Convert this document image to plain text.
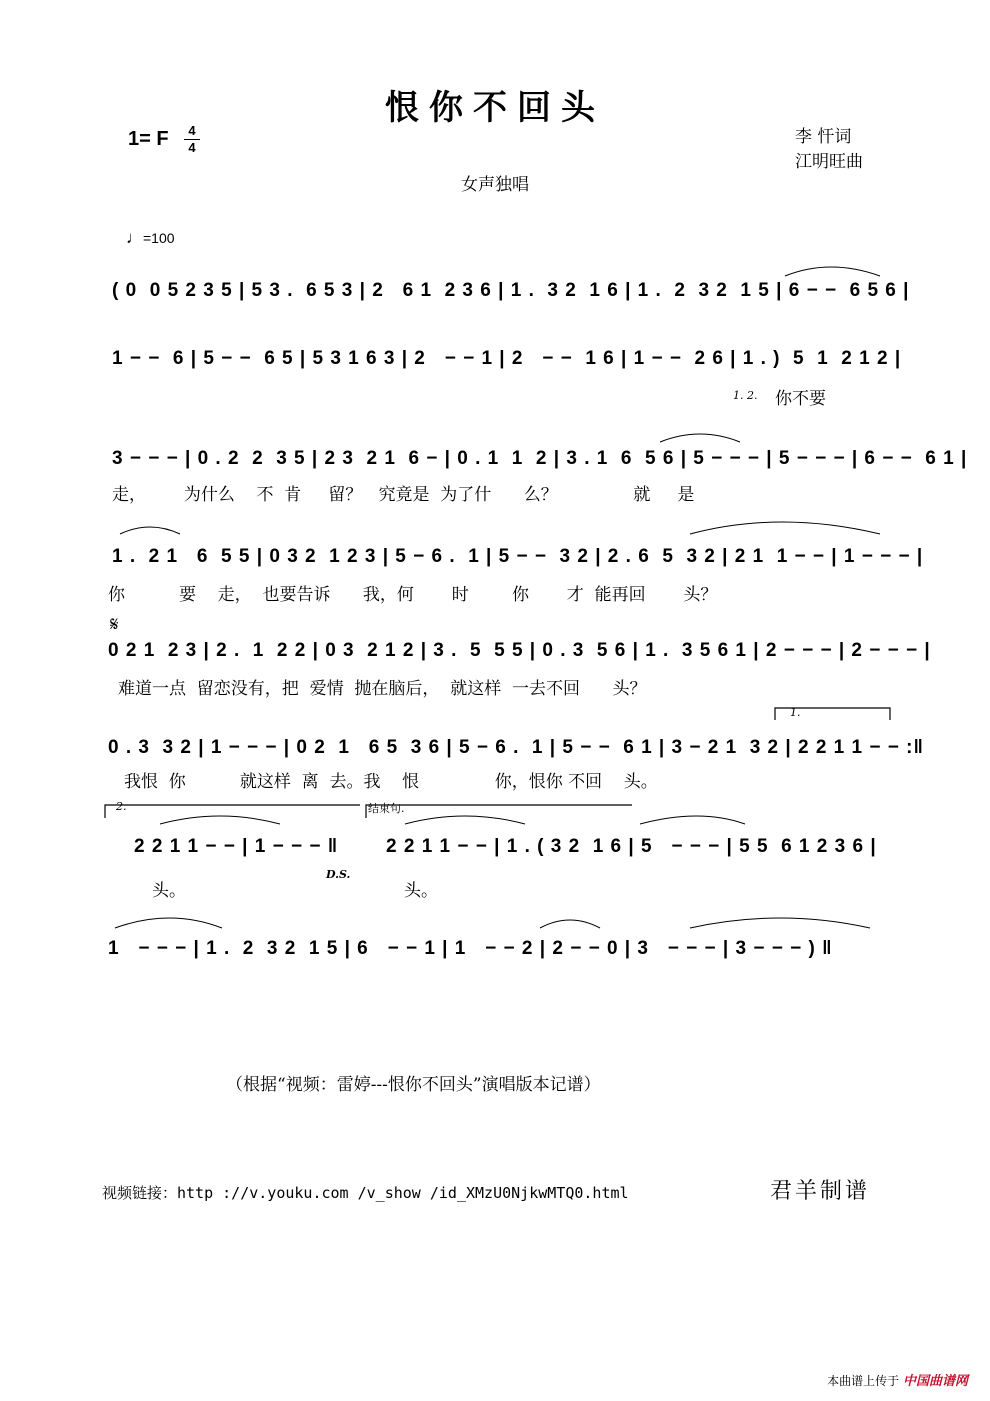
恨你不回头
1= F	4
4
李 忓词
江明旺曲
女声独唱
♩=100
( 0  0 5 2 3 5 | 5 3 .  6 5 3 | 2   6 1  2 3 6 | 1 .  3 2  1 6 | 1 .  2  3 2  1 5 | 6 − −  6 5 6 |
1 − −  6 | 5 − −  6 5 | 5 3 1 6 3 | 2   − − 1 | 2   − −  1 6 | 1 − −  2 6 | 1 . )  5  1  2 1 2 |
1. 2. 你不要
3 − − − | 0 . 2  2  3 5 | 2 3  2 1  6 − | 0 . 1  1  2 | 3 . 1  6  5 6 | 5 − − − | 5 − − − | 6 − −  6 1 |
走，       为什么    不  肯     留？   究竟是  为了什      么？              就     是
1 .  2 1   6  5 5 | 0 3 2  1 2 3 | 5 − 6 .  1 | 5 − −  3 2 | 2 . 6  5  3 2 | 2 1  1 − − | 1 − − − |
你          要    走，  也要告诉      我，何       时        你       才  能再回       头？
𝄋
0 2 1  2 3 | 2 .  1  2 2 | 0 3  2 1 2 | 3 .  5  5 5 | 0 . 3  5 6 | 1 .  3 5 6 1 | 2 − − − | 2 − − − |
难道一点  留恋没有，把  爱情  抛在脑后，  就这样  一去不回      头？
1.
0 . 3  3 2 | 1 − − − | 0 2  1   6 5  3 6 | 5 − 6 .  1 | 5 − −  6 1 | 3 − 2 1  3 2 | 2 2 1 1 − − :‖
我恨  你          就这样  离  去。我    恨              你，恨你 不回    头。
2.	结束句.
2 2 1 1 − − | 1 − − − ‖	2 2 1 1 − − | 1 . ( 3 2  1 6 | 5   − − − | 5 5  6 1 2 3 6 |
头。
D.S.
头。
1   − − − | 1 .  2  3 2  1 5 | 6   − − 1 | 1   − − 2 | 2 − − 0 | 3   − − − | 3 − − − ) ‖
（根据“视频：雷婷---恨你不回头”演唱版本记谱）
视频链接：http ://v.youku.com /v_show /id_XMzU0NjkwMTQ0.html	君羊制谱
本曲谱上传于 中国曲谱网
